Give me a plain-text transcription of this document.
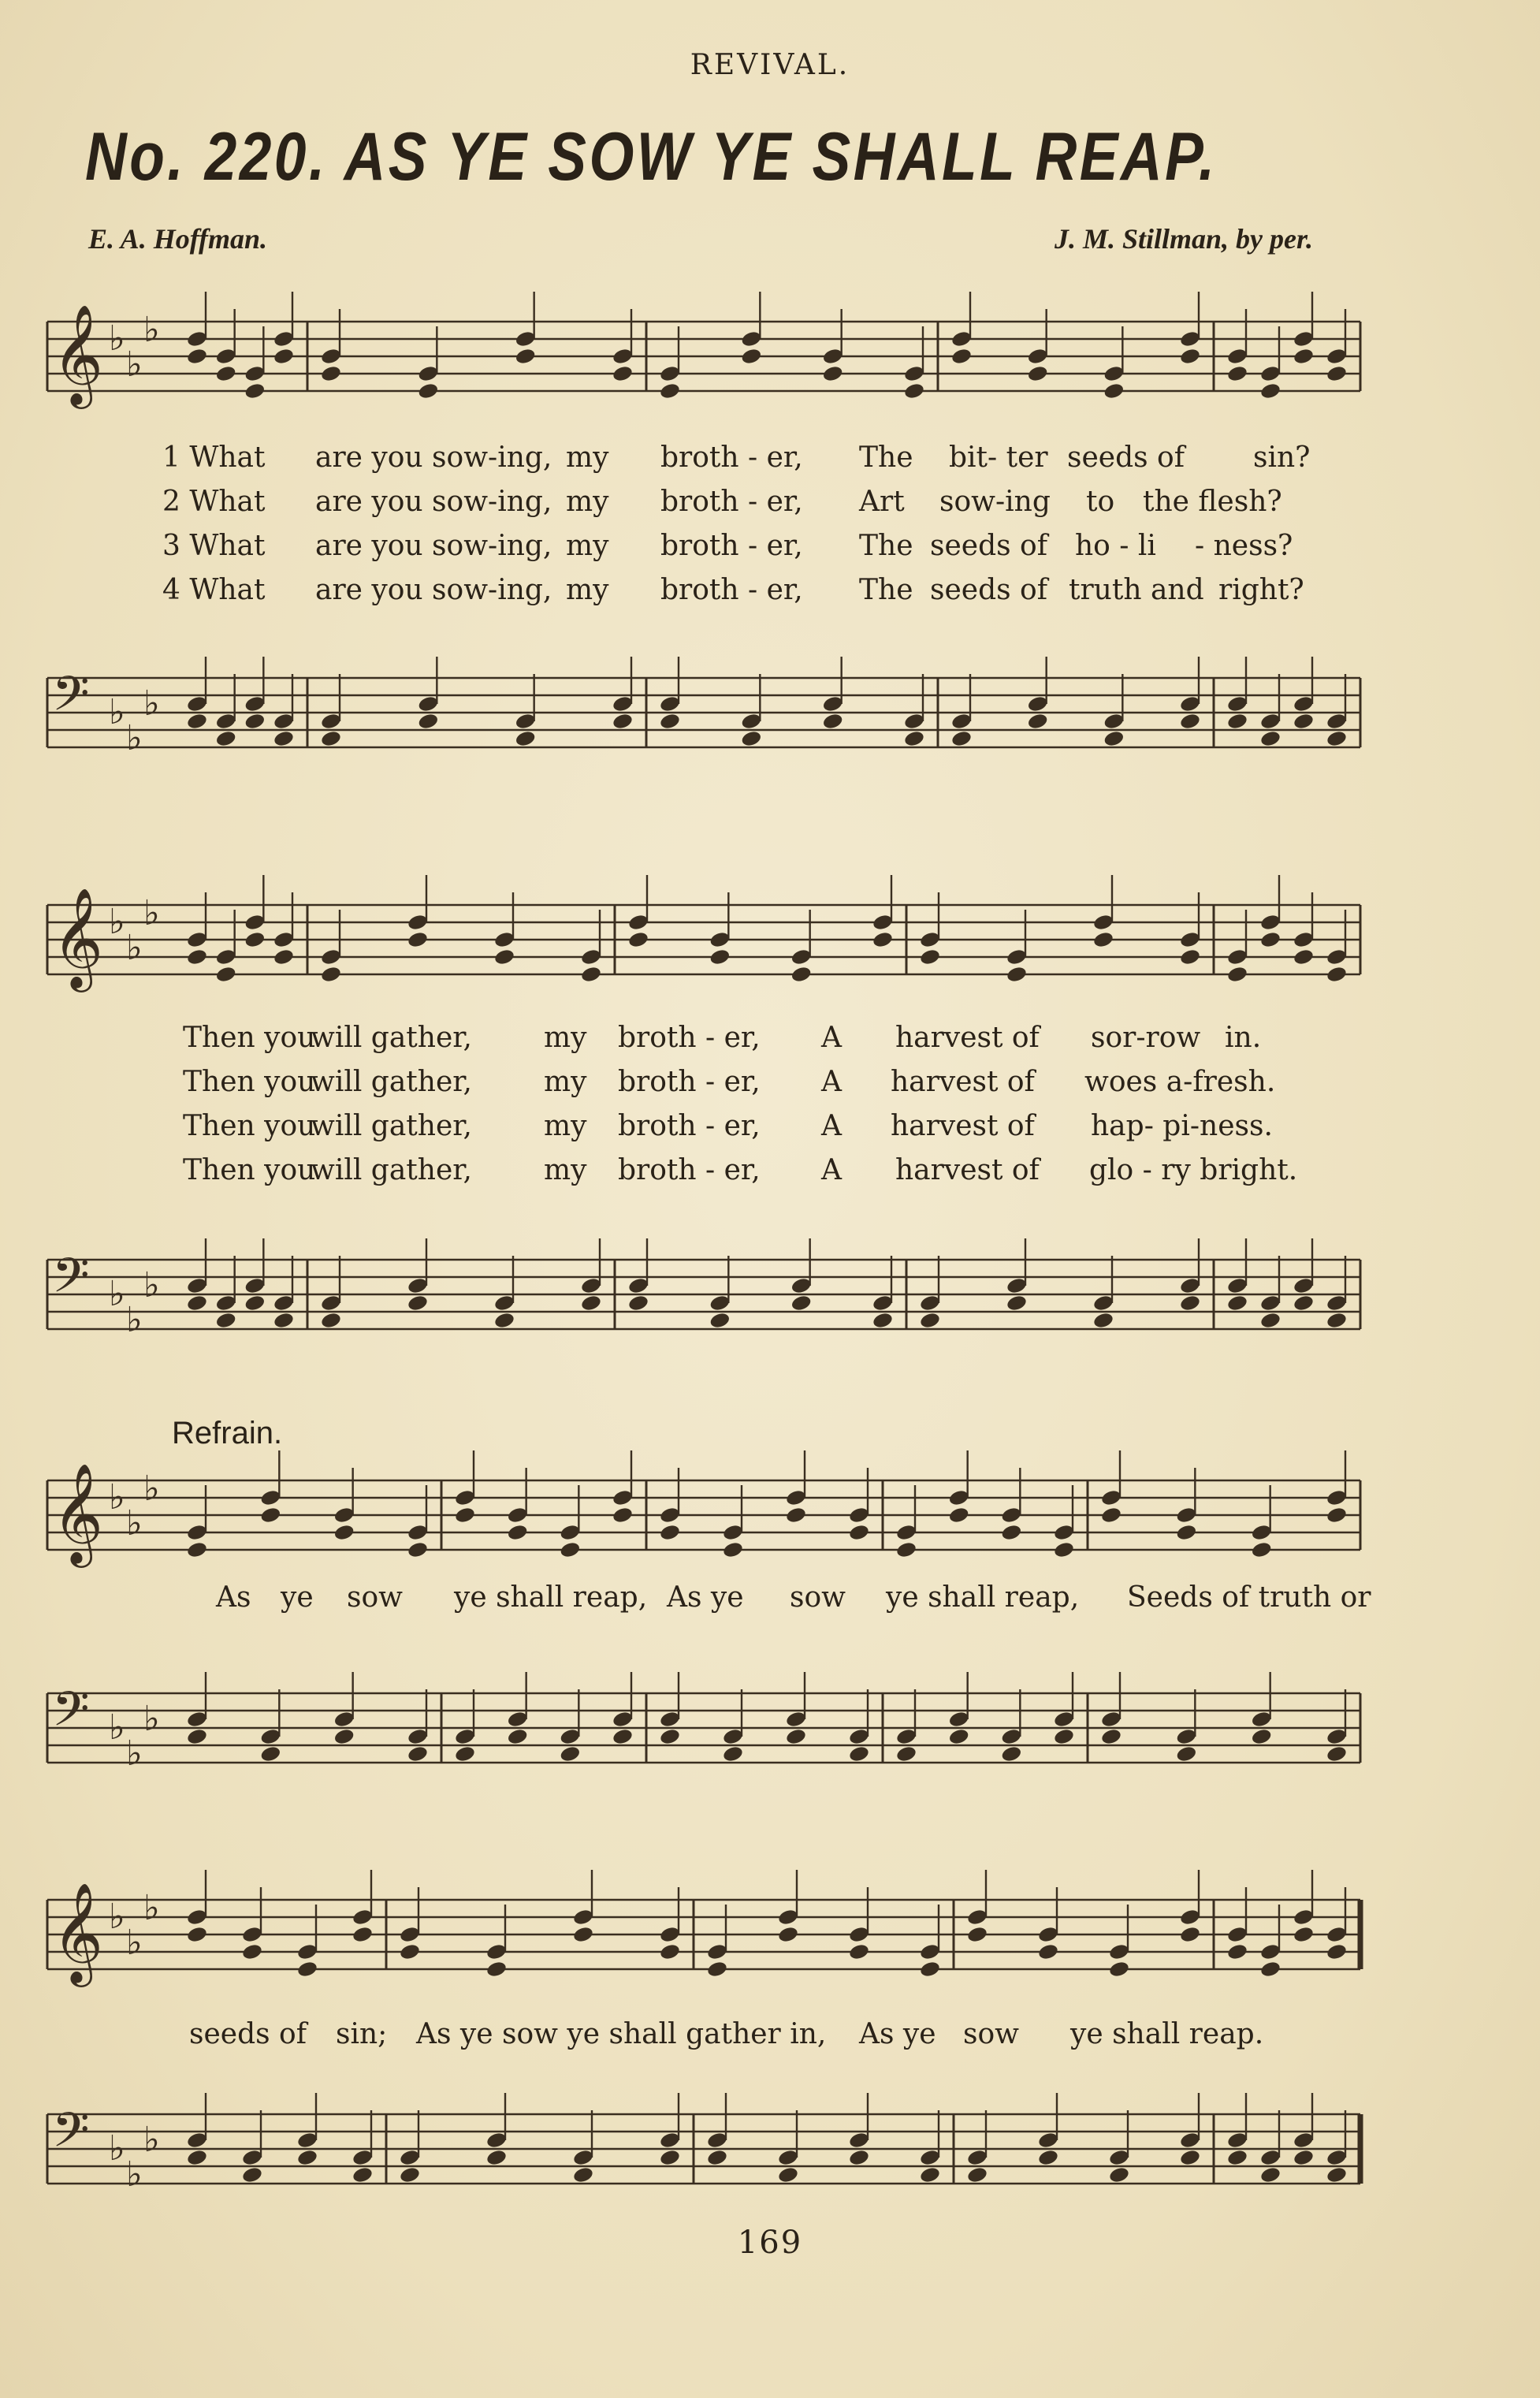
REVIVAL.
No. 220. AS YE SOW YE SHALL REAP.
E. A. Hoffman.	J. M. Stillman, by per.
𝄞 ♭
♭
♭
𝄢 ♭
♭
♭
1 What are you sow-ing, my broth - er, The bit- ter seeds of sin?
2 What are you sow-ing, my broth - er, Art sow-ing to the flesh?
3 What are you sow-ing, my broth - er, The seeds of ho - li - ness?
4 What are you sow-ing, my broth - er, The seeds of truth and right?
𝄞 ♭
♭
♭
𝄢 ♭
♭
♭
Then you
will gather,	my broth - er, A harvest of sor-row in.
Then you
will gather,	my broth - er, A harvest of woes a-fresh.
Then you
will gather,	my broth - er, A harvest of hap- pi-ness.
Then you
will gather,	my broth - er, A harvest of glo - ry bright.
Refrain.
𝄞 ♭
♭
♭
𝄢 ♭
♭
♭
As ye sow ye shall reap, As ye sow ye shall reap, Seeds of truth or
𝄞 ♭
♭
♭
𝄢 ♭
♭
♭
seeds of sin; As ye sow ye shall gather in, As ye sow ye shall reap.
169
